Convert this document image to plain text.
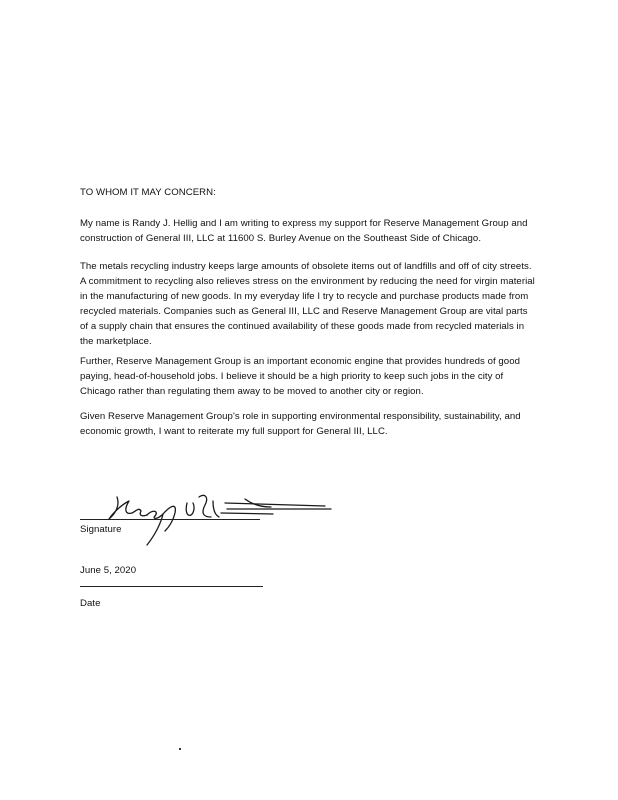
TO WHOM IT MAY CONCERN:
My name is Randy J. Hellig and I am writing to express my support for Reserve Management Group and construction of General III, LLC at 11600 S. Burley Avenue on the Southeast Side of Chicago.
The metals recycling industry keeps large amounts of obsolete items out of landfills and off of city streets. A commitment to recycling also relieves stress on the environment by reducing the need for virgin material in the manufacturing of new goods. In my everyday life I try to recycle and purchase products made from recycled materials. Companies such as General III, LLC and Reserve Management Group are vital parts of a supply chain that ensures the continued availability of these goods made from recycled materials in the marketplace.
Further, Reserve Management Group is an important economic engine that provides hundreds of good paying, head-of-household jobs. I believe it should be a high priority to keep such jobs in the city of Chicago rather than regulating them away to be moved to another city or region.
Given Reserve Management Group's role in supporting environmental responsibility, sustainability, and economic growth, I want to reiterate my full support for General III, LLC.
Signature
June 5, 2020
Date
